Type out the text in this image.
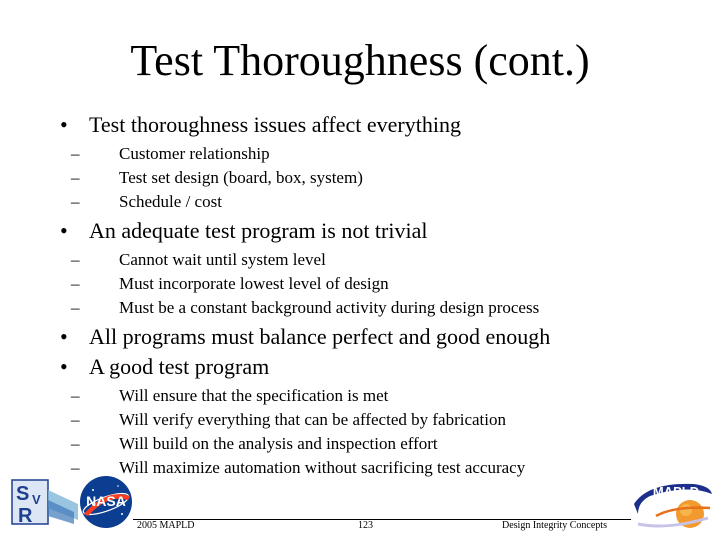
Test Thoroughness (cont.)
• Test thoroughness issues affect everything
– Customer relationship
– Test set design (board, box, system)
– Schedule / cost
• An adequate test program is not trivial
– Cannot wait until system level
– Must incorporate lowest level of design
– Must be a constant background activity during design process
• All programs must balance perfect and good enough
• A good test program
– Will ensure that the specification is met
– Will verify everything that can be affected by fabrication
– Will build on the analysis and inspection effort
– Will maximize automation without sacrificing test accuracy
S V
R
NASA
MAPLD
2005 MAPLD	123	Design Integrity Concepts
